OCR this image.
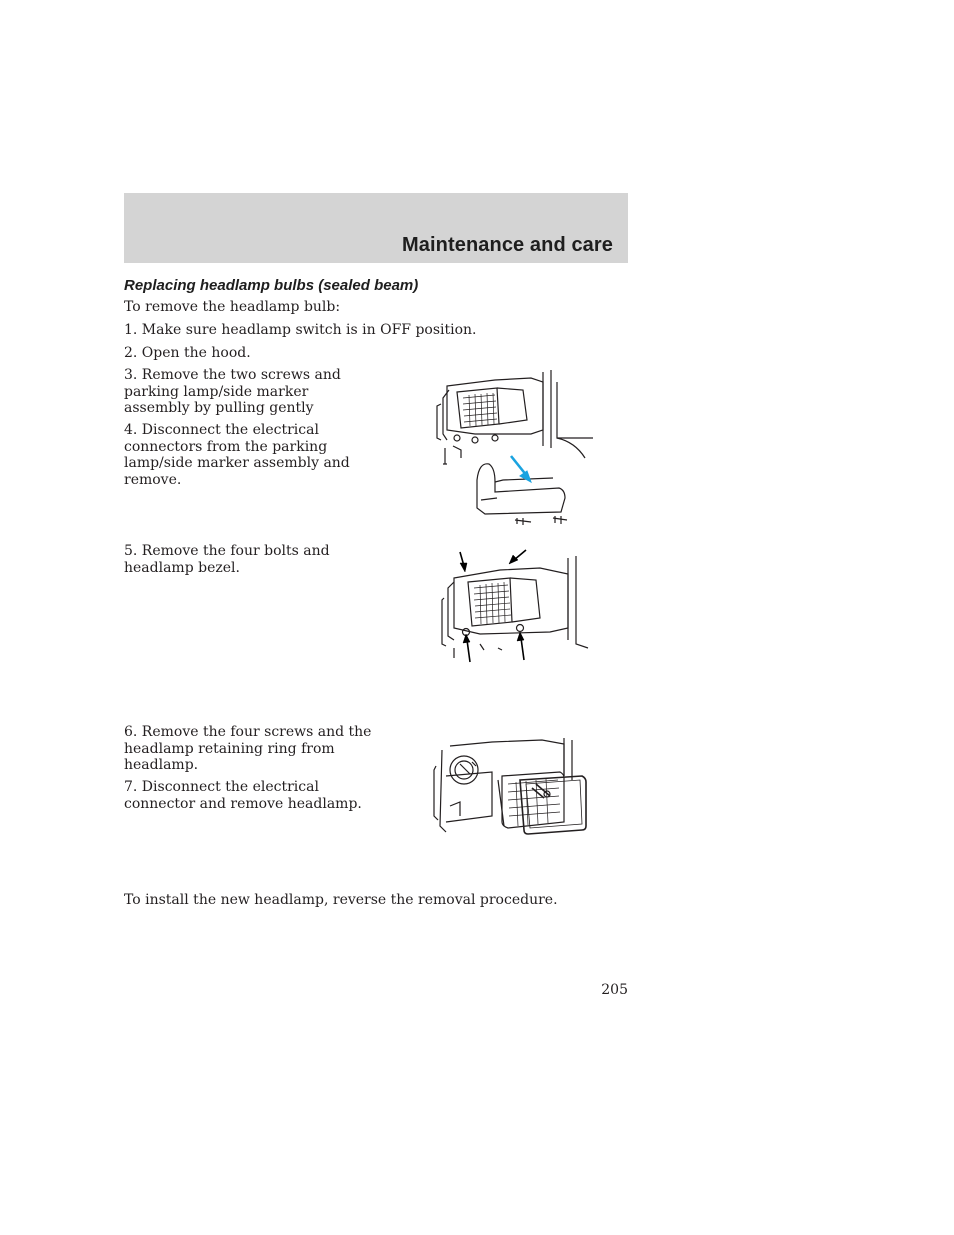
Maintenance and care
Replacing headlamp bulbs (sealed beam)

To remove the headlamp bulb:

1. Make sure headlamp switch is in OFF position.

2. Open the hood.

3. Remove the two screws and parking lamp/side marker assembly by pulling gently

4. Disconnect the electrical connectors from the parking lamp/side marker assembly and remove.

5. Remove the four bolts and headlamp bezel.

6. Remove the four screws and the headlamp retaining ring from headlamp.

7. Disconnect the electrical connector and remove headlamp.

To install the new headlamp, reverse the removal procedure.

205
